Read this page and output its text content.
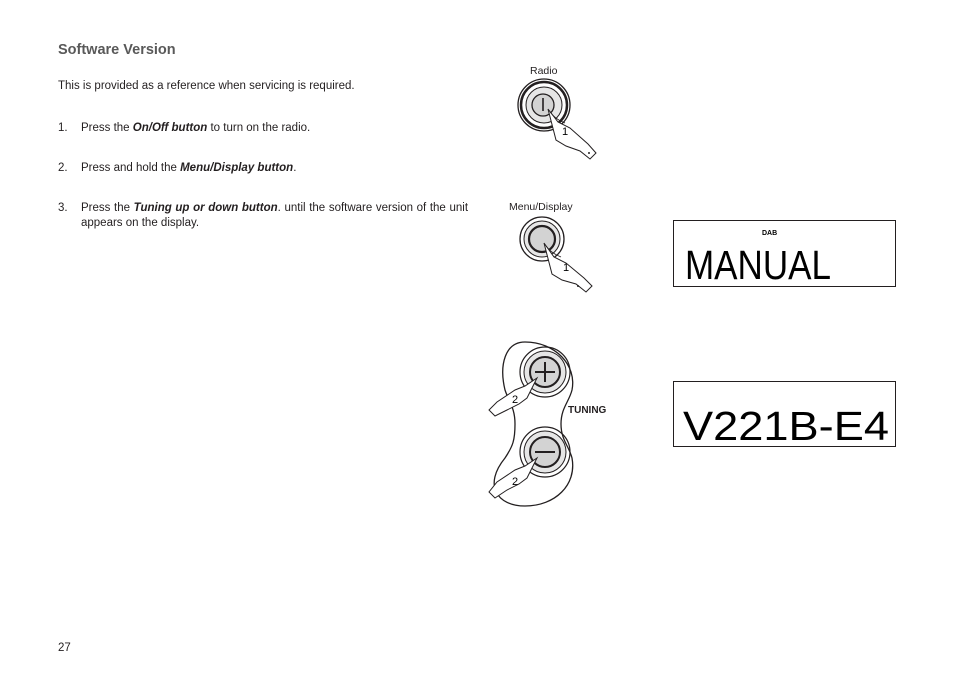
Software Version
This is provided as a reference when servicing is required.
1. Press the On/Off button to turn on the radio.
2. Press and hold the Menu/Display button.
3. Press the Tuning up or down button. until the software version of the unit appears on the display.
Radio
Menu/Display
TUNING
1
1
2
2
DAB
MANUAL
V221B-E4
27
